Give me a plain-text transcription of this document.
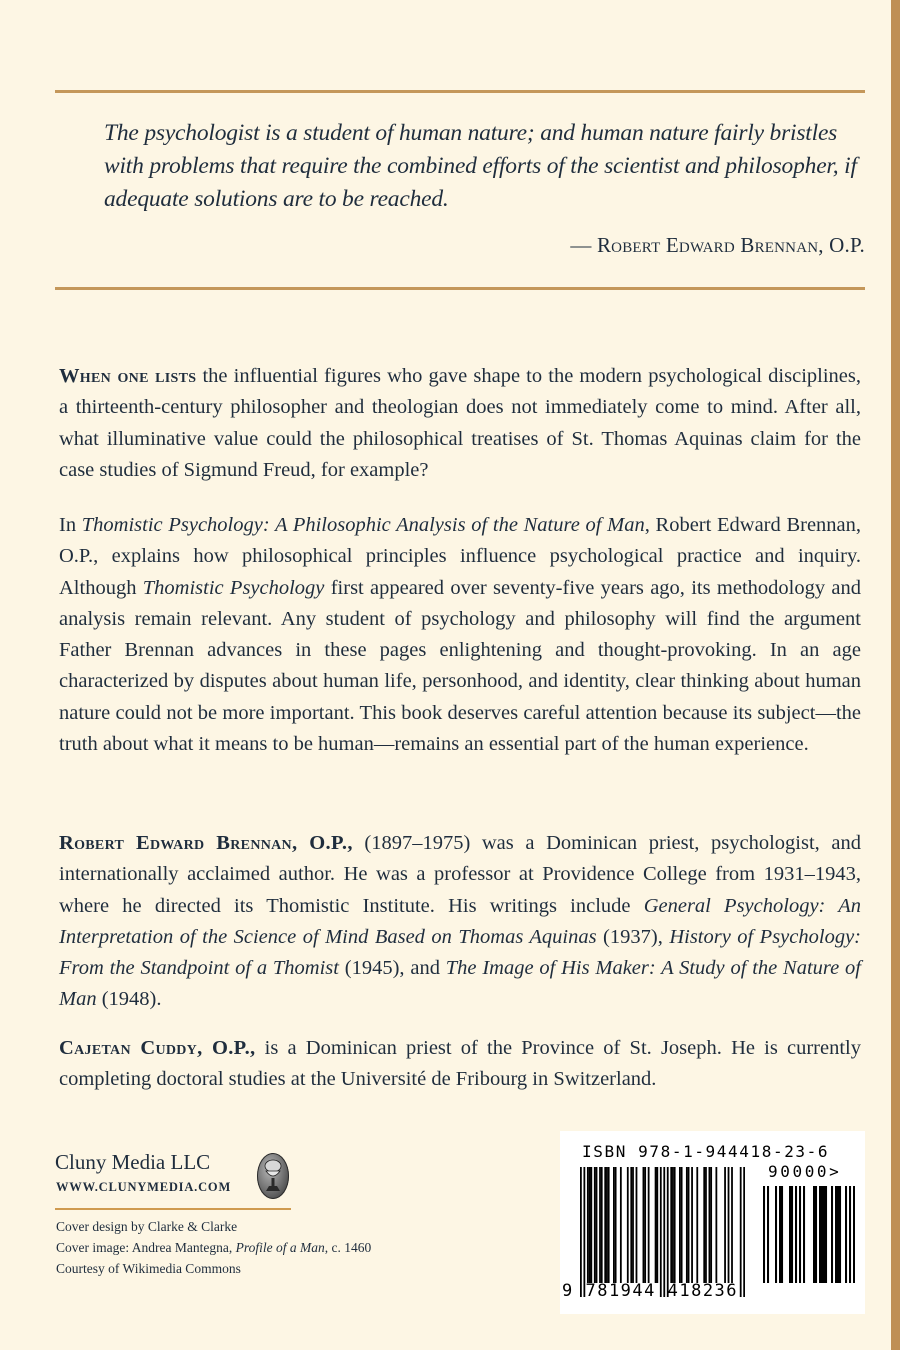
The psychologist is a student of human nature; and human nature fairly bristles with problems that require the combined efforts of the scientist and philosopher, if adequate solutions are to be reached.
— Robert Edward Brennan, O.P.

When one lists the influential figures who gave shape to the modern psychological disciplines, a thirteenth-century philosopher and theologian does not immediately come to mind. After all, what illuminative value could the philosophical treatises of St. Thomas Aquinas claim for the case studies of Sigmund Freud, for example?

In Thomistic Psychology: A Philosophic Analysis of the Nature of Man, Robert Edward Brennan, O.P., explains how philosophical principles influence psychological practice and inquiry. Although Thomistic Psychology first appeared over seventy-five years ago, its methodology and analysis remain relevant. Any student of psychology and philosophy will find the argument Father Brennan advances in these pages enlightening and thought-provoking. In an age characterized by disputes about human life, personhood, and identity, clear thinking about human nature could not be more important. This book deserves careful attention because its subject—the truth about what it means to be human—remains an essential part of the human experience.

Robert Edward Brennan, O.P., (1897–1975) was a Dominican priest, psychologist, and internationally acclaimed author. He was a professor at Providence College from 1931–1943, where he directed its Thomistic Institute. His writings include General Psychology: An Interpretation of the Science of Mind Based on Thomas Aquinas (1937), History of Psychology: From the Standpoint of a Thomist (1945), and The Image of His Maker: A Study of the Nature of Man (1948).

Cajetan Cuddy, O.P., is a Dominican priest of the Province of St. Joseph. He is currently completing doctoral studies at the Université de Fribourg in Switzerland.

Cluny Media LLC
WWW.CLUNYMEDIA.COM
Cover design by Clarke & Clarke
Cover image: Andrea Mantegna, Profile of a Man, c. 1460
Courtesy of Wikimedia Commons
ISBN 978-1-944418-23-6
90000>
9 781944 418236
